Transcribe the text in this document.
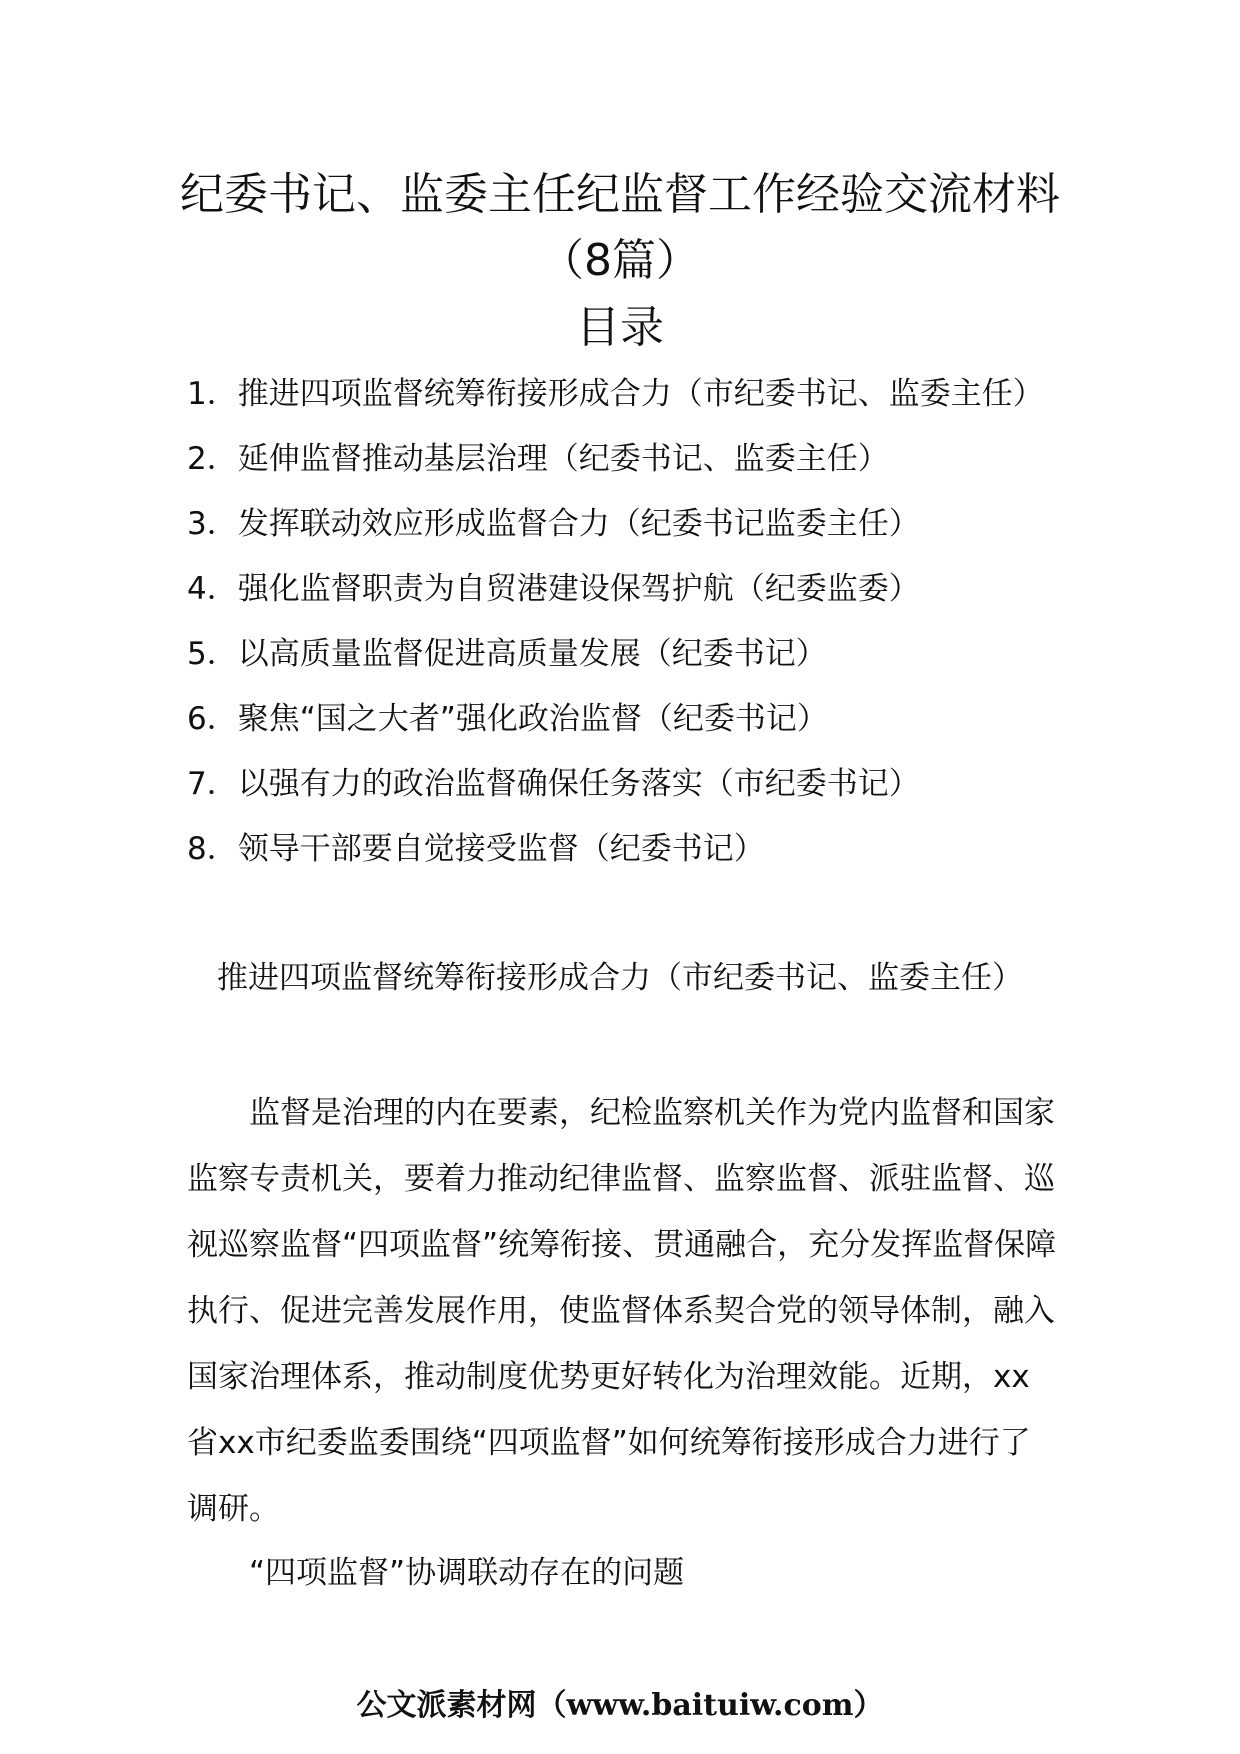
纪委书记、监委主任纪监督工作经验交流材料（8篇）
目录
1．推进四项监督统筹衔接形成合力（市纪委书记、监委主任）
2．延伸监督推动基层治理（纪委书记、监委主任）
3．发挥联动效应形成监督合力（纪委书记监委主任）
4．强化监督职责为自贸港建设保驾护航（纪委监委）
5．以高质量监督促进高质量发展（纪委书记）
6．聚焦“国之大者”强化政治监督（纪委书记）
7．以强有力的政治监督确保任务落实（市纪委书记）
8．领导干部要自觉接受监督（纪委书记）
推进四项监督统筹衔接形成合力（市纪委书记、监委主任）

监督是治理的内在要素，纪检监察机关作为党内监督和国家监察专责机关，要着力推动纪律监督、监察监督、派驻监督、巡视巡察监督“四项监督”统筹衔接、贯通融合，充分发挥监督保障执行、促进完善发展作用，使监督体系契合党的领导体制，融入国家治理体系，推动制度优势更好转化为治理效能。近期，xx省xx市纪委监委围绕“四项监督”如何统筹衔接形成合力进行了调研。

“四项监督”协调联动存在的问题

公文派素材网（www.baituiw.com）
